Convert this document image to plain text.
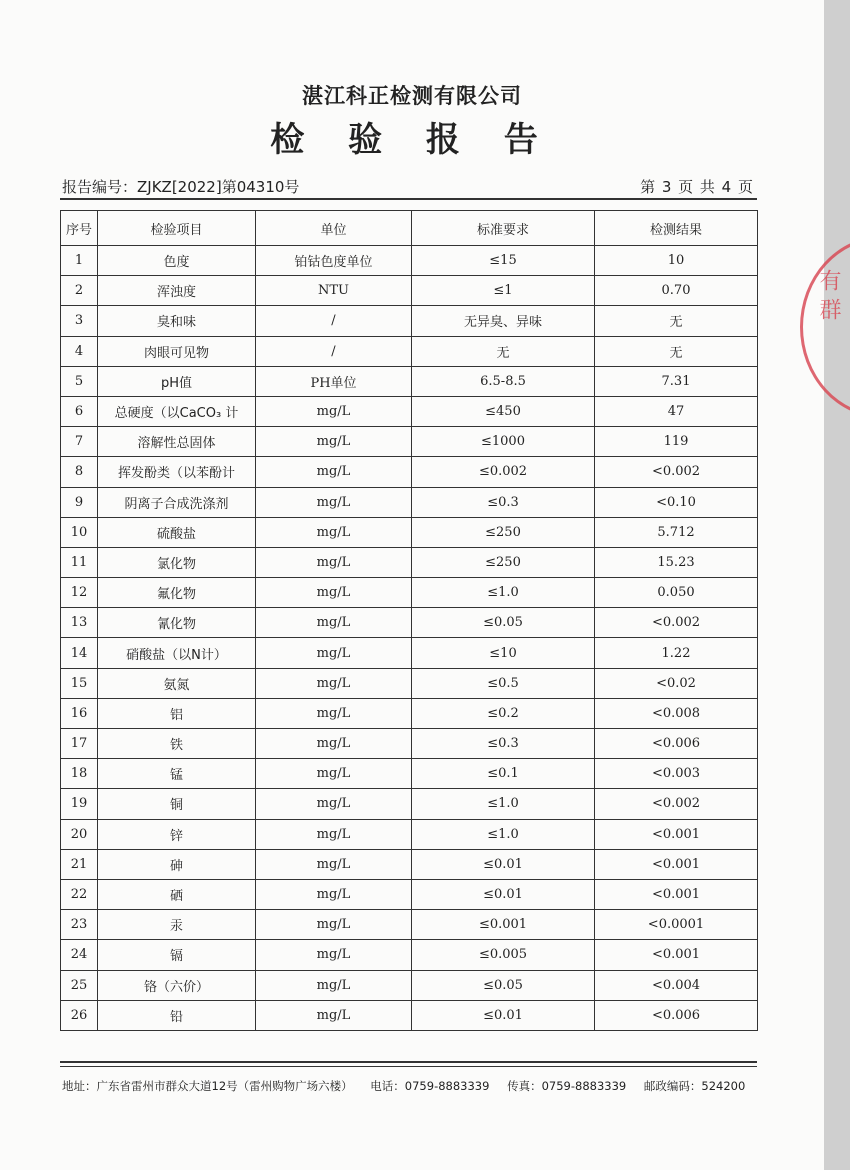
湛江科正检测有限公司
检 验 报 告
报告编号：ZJKZ[2022]第04310号	第 3 页 共 4 页
序号	检验项目	单位	标准要求	检测结果
1	色度	铂钴色度单位	≤15	10
2	浑浊度	NTU	≤1	0.70
3	臭和味	/	无异臭、异味	无
4	肉眼可见物	/	无	无
5	pH值	PH单位	6.5-8.5	7.31
6	总硬度（以CaCO₃ 计	mg/L	≤450	47
7	溶解性总固体	mg/L	≤1000	119
8	挥发酚类（以苯酚计	mg/L	≤0.002	<0.002
9	阴离子合成洗涤剂	mg/L	≤0.3	<0.10
10	硫酸盐	mg/L	≤250	5.712
11	氯化物	mg/L	≤250	15.23
12	氟化物	mg/L	≤1.0	0.050
13	氰化物	mg/L	≤0.05	<0.002
14	硝酸盐（以N计）	mg/L	≤10	1.22
15	氨氮	mg/L	≤0.5	<0.02
16	铝	mg/L	≤0.2	<0.008
17	铁	mg/L	≤0.3	<0.006
18	锰	mg/L	≤0.1	<0.003
19	铜	mg/L	≤1.0	<0.002
20	锌	mg/L	≤1.0	<0.001
21	砷	mg/L	≤0.01	<0.001
22	硒	mg/L	≤0.01	<0.001
23	汞	mg/L	≤0.001	<0.0001
24	镉	mg/L	≤0.005	<0.001
25	铬（六价）	mg/L	≤0.05	<0.004
26	铅	mg/L	≤0.01	<0.006
地址：广东省雷州市群众大道12号（雷州购物广场六楼） 电话：0759-8883339 传真：0759-8883339 邮政编码：524200
有 群
